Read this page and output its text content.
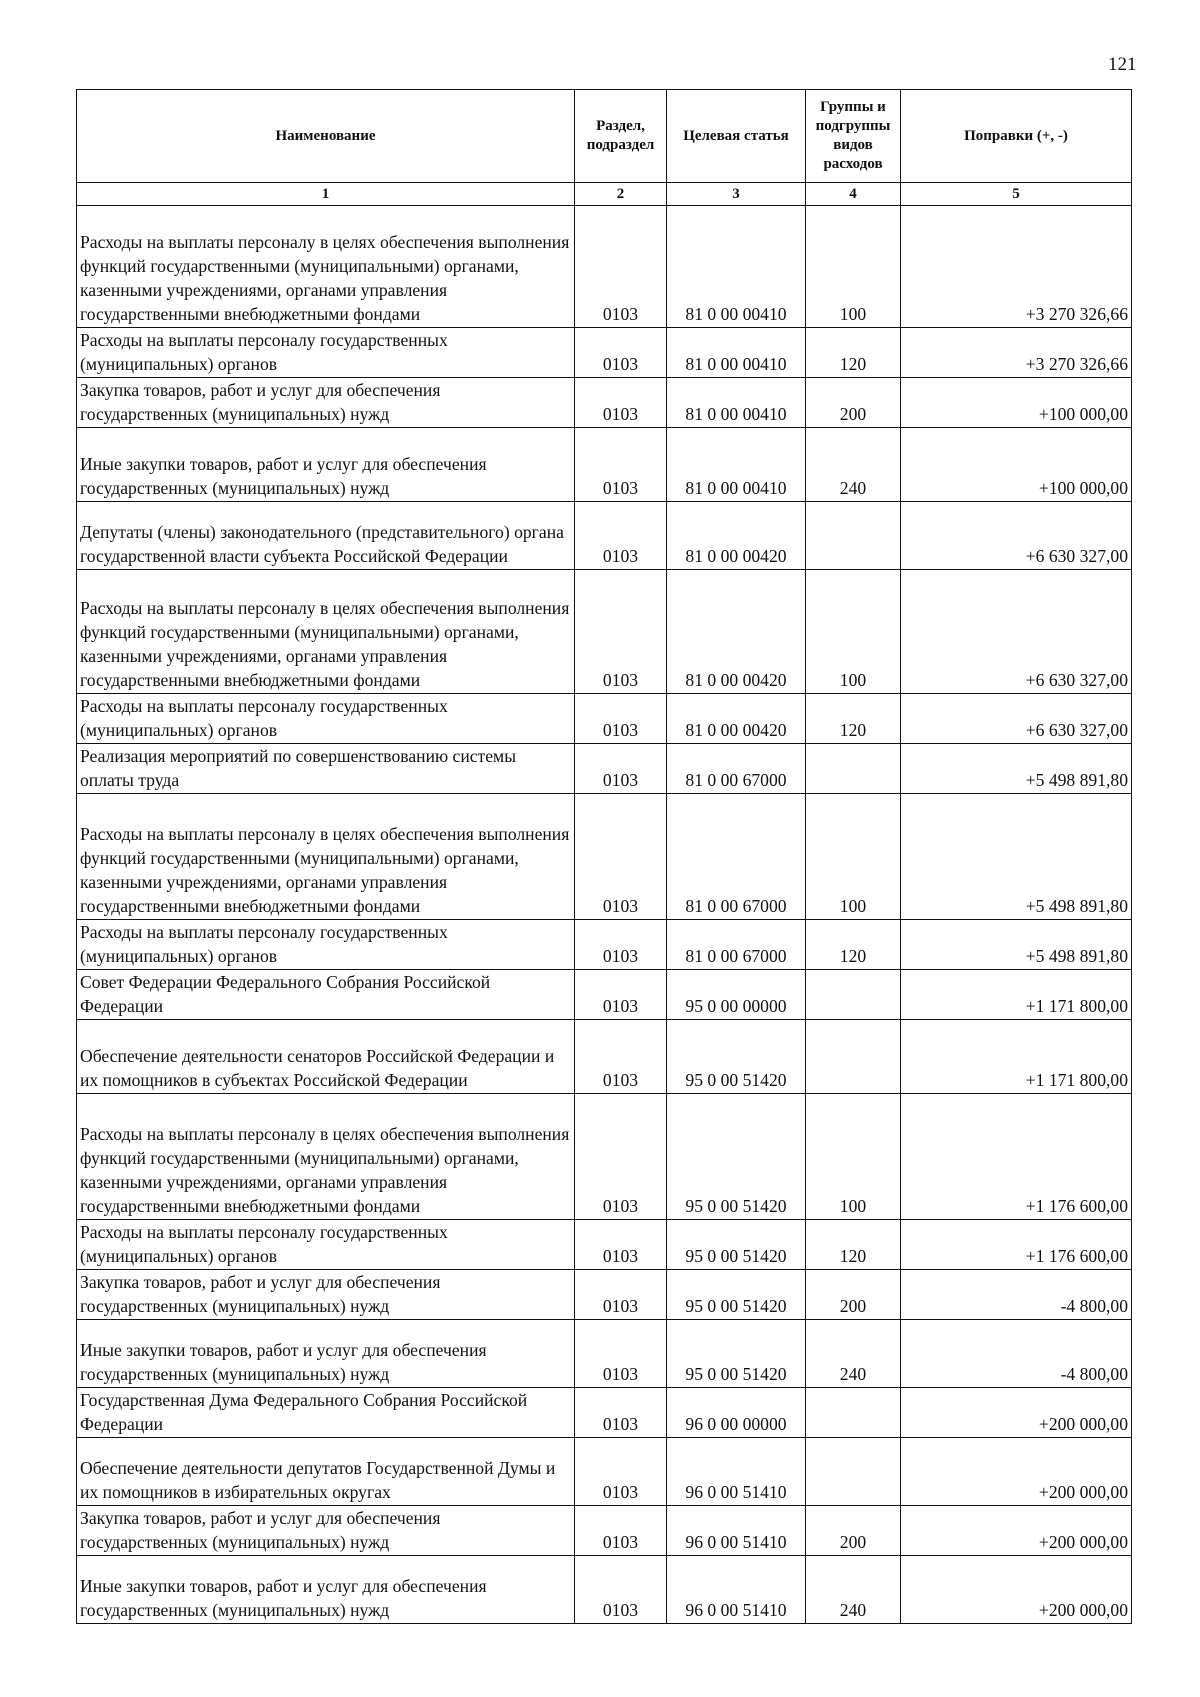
121
Наименование	Раздел, подраздел	Целевая статья	Группы и подгруппы видов расходов	Поправки (+, -)
1	2	3	4	5
Расходы на выплаты персоналу в целях обеспечения выполнения функций государственными (муниципальными) органами, казенными учреждениями, органами управления государственными внебюджетными фондами	0103	81 0 00 00410	100	+3 270 326,66
Расходы на выплаты персоналу государственных (муниципальных) органов	0103	81 0 00 00410	120	+3 270 326,66
Закупка товаров, работ и услуг для обеспечения государственных (муниципальных) нужд	0103	81 0 00 00410	200	+100 000,00
Иные закупки товаров, работ и услуг для обеспечения государственных (муниципальных) нужд	0103	81 0 00 00410	240	+100 000,00
Депутаты (члены) законодательного (представительного) органа государственной власти субъекта Российской Федерации	0103	81 0 00 00420		+6 630 327,00
Расходы на выплаты персоналу в целях обеспечения выполнения функций государственными (муниципальными) органами, казенными учреждениями, органами управления государственными внебюджетными фондами	0103	81 0 00 00420	100	+6 630 327,00
Расходы на выплаты персоналу государственных (муниципальных) органов	0103	81 0 00 00420	120	+6 630 327,00
Реализация мероприятий по совершенствованию системы оплаты труда	0103	81 0 00 67000		+5 498 891,80
Расходы на выплаты персоналу в целях обеспечения выполнения функций государственными (муниципальными) органами, казенными учреждениями, органами управления государственными внебюджетными фондами	0103	81 0 00 67000	100	+5 498 891,80
Расходы на выплаты персоналу государственных (муниципальных) органов	0103	81 0 00 67000	120	+5 498 891,80
Совет Федерации Федерального Собрания Российской Федерации	0103	95 0 00 00000		+1 171 800,00
Обеспечение деятельности сенаторов Российской Федерации и их помощников в субъектах Российской Федерации	0103	95 0 00 51420		+1 171 800,00
Расходы на выплаты персоналу в целях обеспечения выполнения функций государственными (муниципальными) органами, казенными учреждениями, органами управления государственными внебюджетными фондами	0103	95 0 00 51420	100	+1 176 600,00
Расходы на выплаты персоналу государственных (муниципальных) органов	0103	95 0 00 51420	120	+1 176 600,00
Закупка товаров, работ и услуг для обеспечения государственных (муниципальных) нужд	0103	95 0 00 51420	200	-4 800,00
Иные закупки товаров, работ и услуг для обеспечения государственных (муниципальных) нужд	0103	95 0 00 51420	240	-4 800,00
Государственная Дума Федерального Собрания Российской Федерации	0103	96 0 00 00000		+200 000,00
Обеспечение деятельности депутатов Государственной Думы и их помощников в избирательных округах	0103	96 0 00 51410		+200 000,00
Закупка товаров, работ и услуг для обеспечения государственных (муниципальных) нужд	0103	96 0 00 51410	200	+200 000,00
Иные закупки товаров, работ и услуг для обеспечения государственных (муниципальных) нужд	0103	96 0 00 51410	240	+200 000,00
